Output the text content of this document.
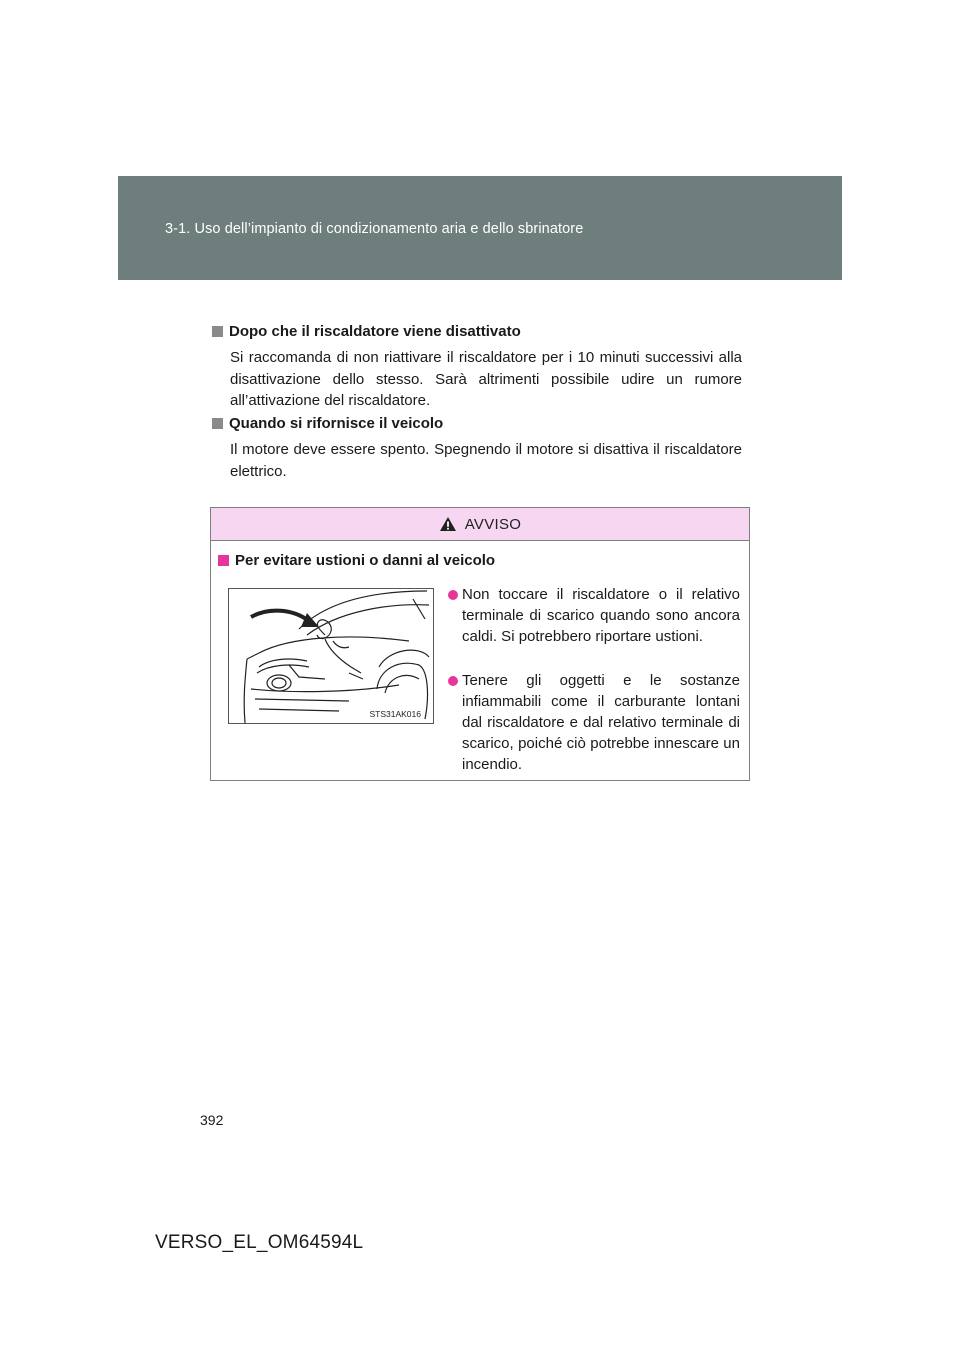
3-1. Uso dell’impianto di condizionamento aria e dello sbrinatore
Dopo che il riscaldatore viene disattivato
Si raccomanda di non riattivare il riscaldatore per i 10 minuti successivi alla disattivazione dello stesso. Sarà altrimenti possibile udire un rumore all’attivazione del riscaldatore.
Quando si rifornisce il veicolo
Il motore deve essere spento. Spegnendo il motore si disattiva il riscaldatore elettrico.
AVVISO
Per evitare ustioni o danni al veicolo
STS31AK016
Non toccare il riscaldatore o il relativo terminale di scarico quando sono ancora caldi. Si potrebbero riportare ustioni.
Tenere gli oggetti e le sostanze infiammabili come il carburante lontani dal riscaldatore e dal relativo terminale di scarico, poiché ciò potrebbe innescare un incendio.
392
VERSO_EL_OM64594L
